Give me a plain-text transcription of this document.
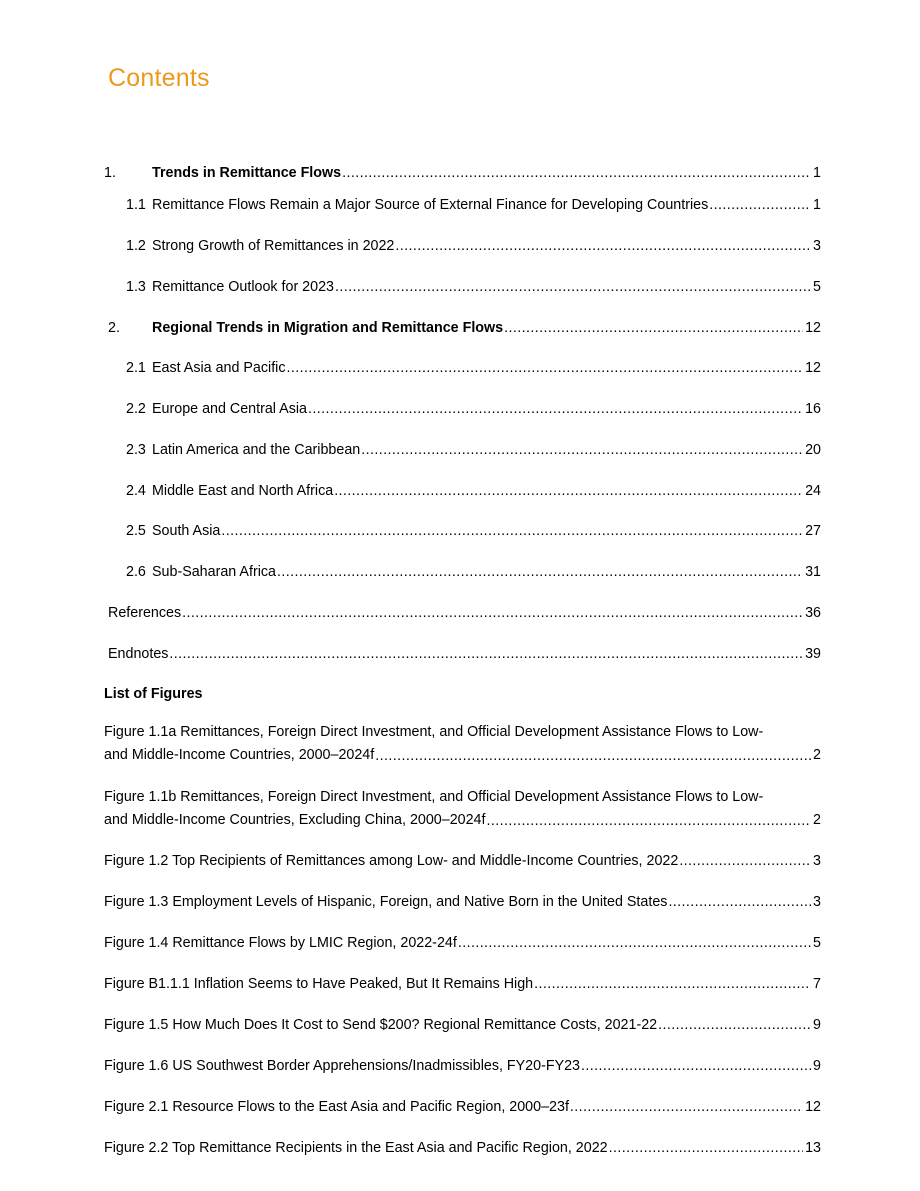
Contents
1.	Trends in Remittance Flows .....	1
1.1 Remittance Flows Remain a Major Source of External Finance for Developing Countries .....	1
1.2 Strong Growth of Remittances in 2022 .....	3
1.3 Remittance Outlook for 2023 .....	5
2.	Regional Trends in Migration and Remittance Flows .....	12
2.1 East Asia and Pacific .....	12
2.2 Europe and Central Asia .....	16
2.3 Latin America and the Caribbean .....	20
2.4 Middle East and North Africa .....	24
2.5 South Asia .....	27
2.6 Sub-Saharan Africa .....	31
References .....	36
Endnotes .....	39
List of Figures
Figure 1.1a Remittances, Foreign Direct Investment, and Official Development Assistance Flows to Low-
and Middle-Income Countries, 2000–2024f .....	2
Figure 1.1b Remittances, Foreign Direct Investment, and Official Development Assistance Flows to Low-
and Middle-Income Countries, Excluding China, 2000–2024f .....	2
Figure 1.2 Top Recipients of Remittances among Low- and Middle-Income Countries, 2022 .....	3
Figure 1.3 Employment Levels of Hispanic, Foreign, and Native Born in the United States .....	3
Figure 1.4 Remittance Flows by LMIC Region, 2022-24f .....	5
Figure B1.1.1 Inflation Seems to Have Peaked, But It Remains High .....	7
Figure 1.5 How Much Does It Cost to Send $200? Regional Remittance Costs, 2021-22 .....	9
Figure 1.6 US Southwest Border Apprehensions/Inadmissibles, FY20-FY23 .....	9
Figure 2.1 Resource Flows to the East Asia and Pacific Region, 2000–23f .....	12
Figure 2.2 Top Remittance Recipients in the East Asia and Pacific Region, 2022 .....	13
